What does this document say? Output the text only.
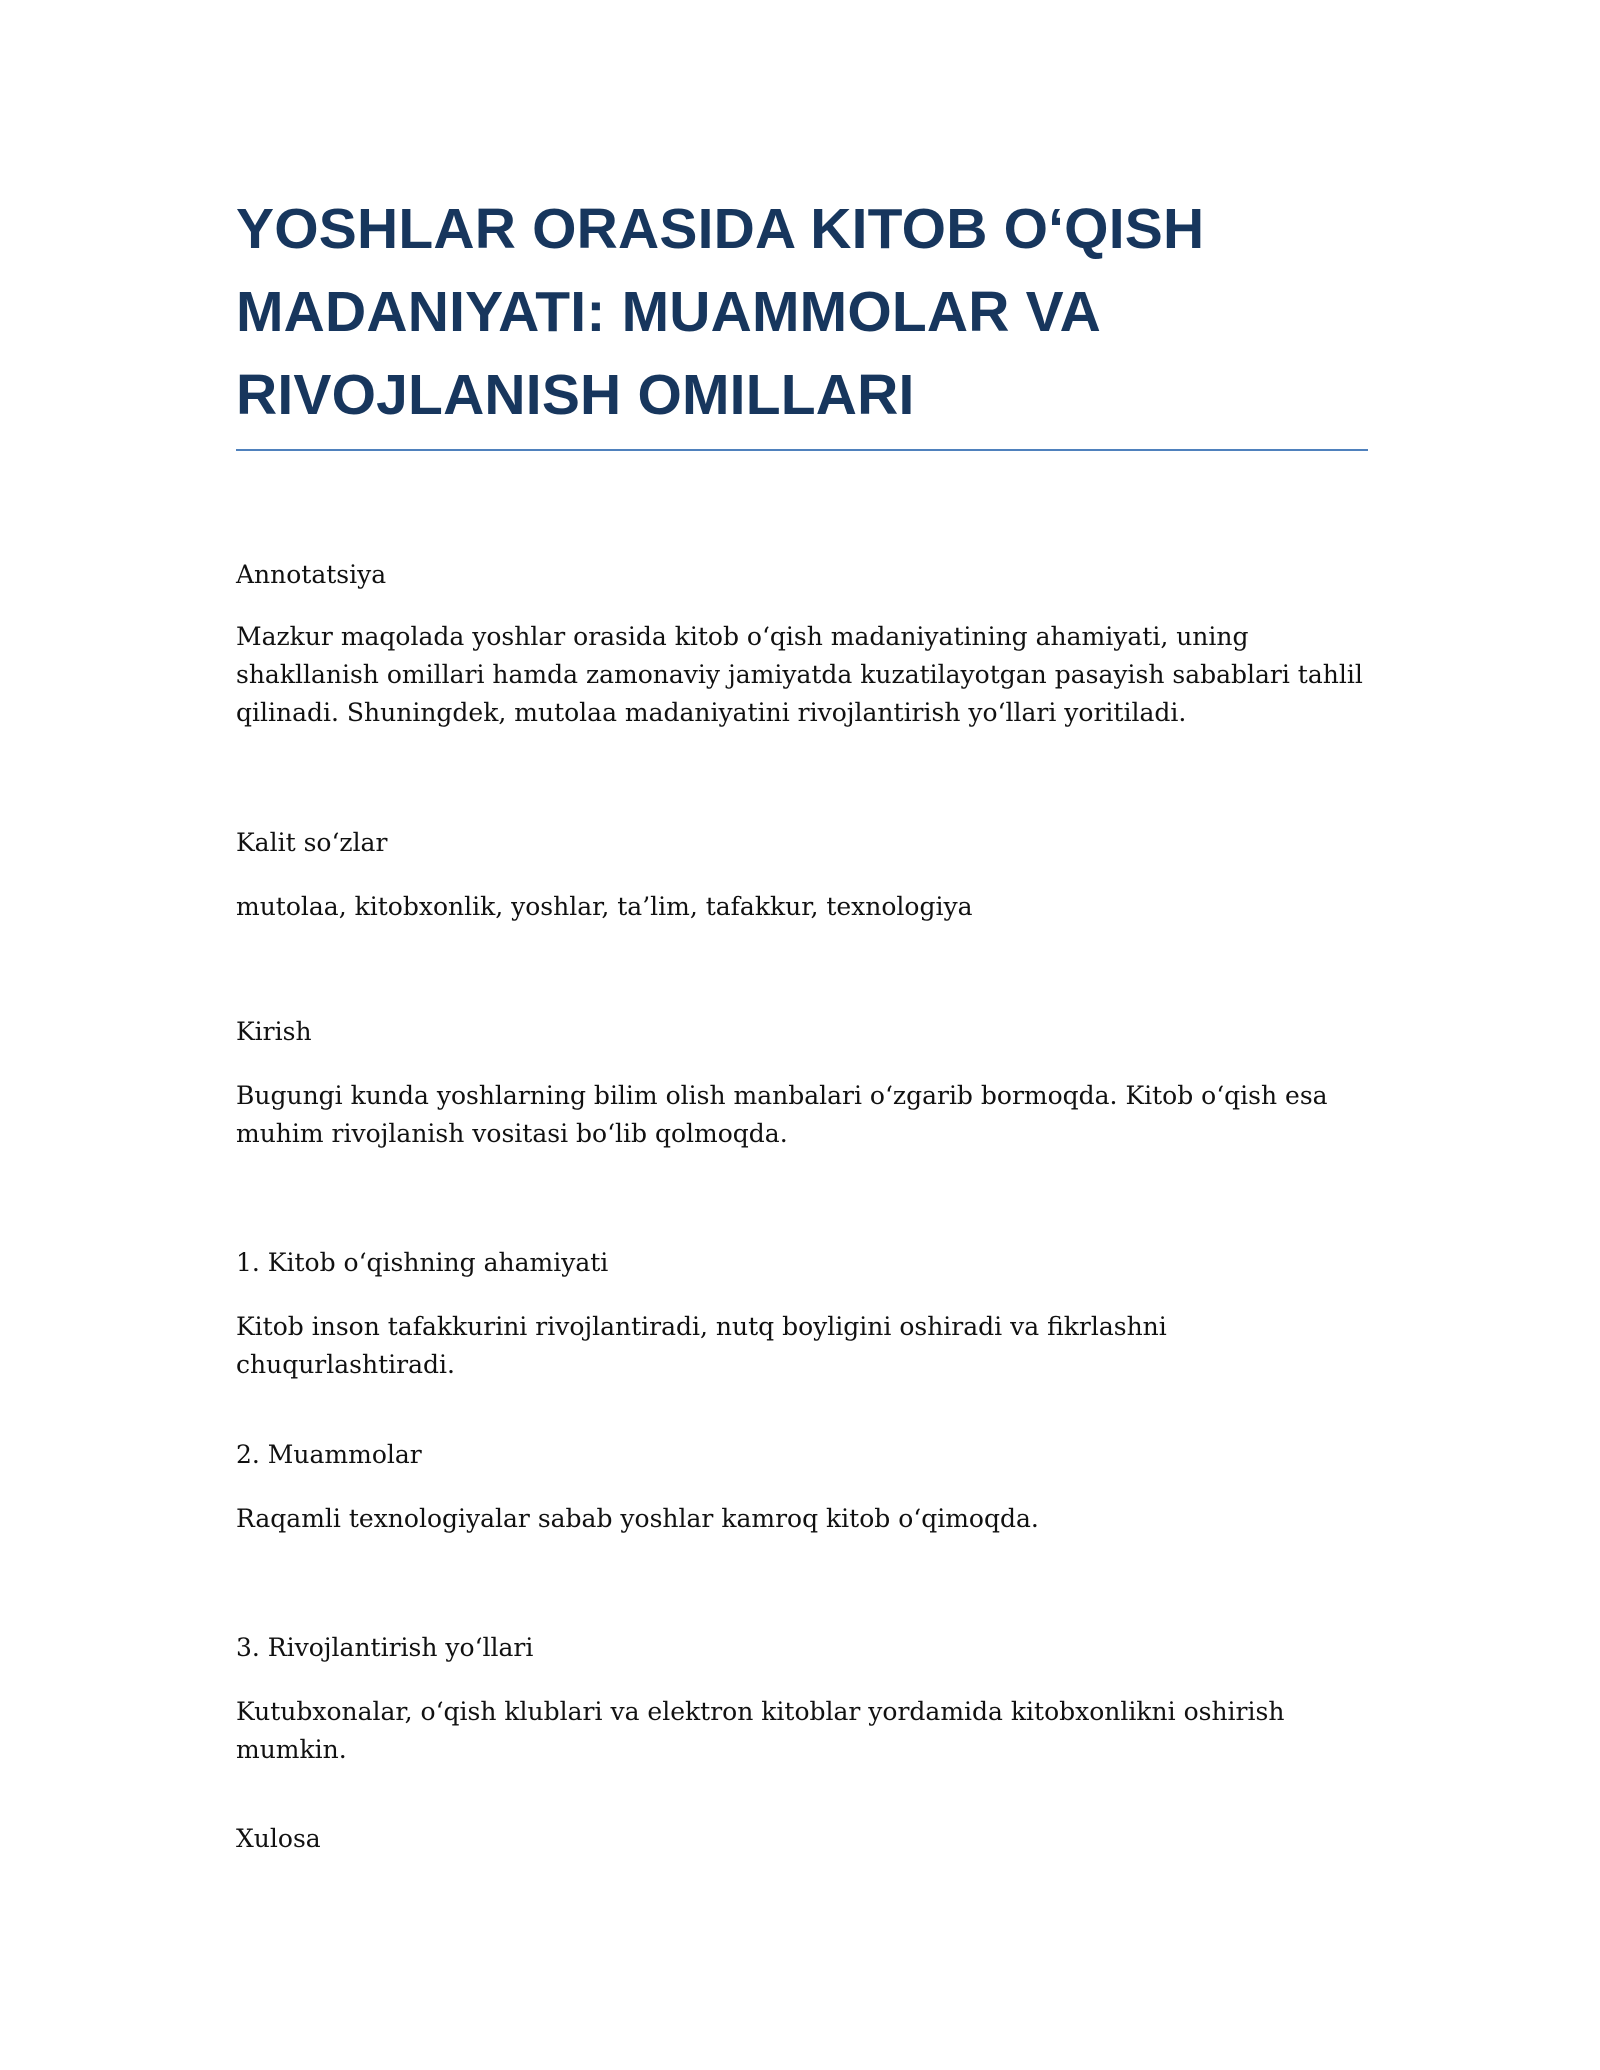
YOSHLAR ORASIDA KITOB O‘QISH MADANIYATI: MUAMMOLAR VA RIVOJLANISH OMILLARI

Annotatsiya

Mazkur maqolada yoshlar orasida kitob o‘qish madaniyatining ahamiyati, uning shakllanish omillari hamda zamonaviy jamiyatda kuzatilayotgan pasayish sabablari tahlil qilinadi. Shuningdek, mutolaa madaniyatini rivojlantirish yo‘llari yoritiladi.

Kalit so‘zlar

mutolaa, kitobxonlik, yoshlar, ta’lim, tafakkur, texnologiya

Kirish

Bugungi kunda yoshlarning bilim olish manbalari o‘zgarib bormoqda. Kitob o‘qish esa muhim rivojlanish vositasi bo‘lib qolmoqda.

1. Kitob o‘qishning ahamiyati

Kitob inson tafakkurini rivojlantiradi, nutq boyligini oshiradi va fikrlashni chuqurlashtiradi.

2. Muammolar

Raqamli texnologiyalar sabab yoshlar kamroq kitob o‘qimoqda.

3. Rivojlantirish yo‘llari

Kutubxonalar, o‘qish klublari va elektron kitoblar yordamida kitobxonlikni oshirish mumkin.

Xulosa
